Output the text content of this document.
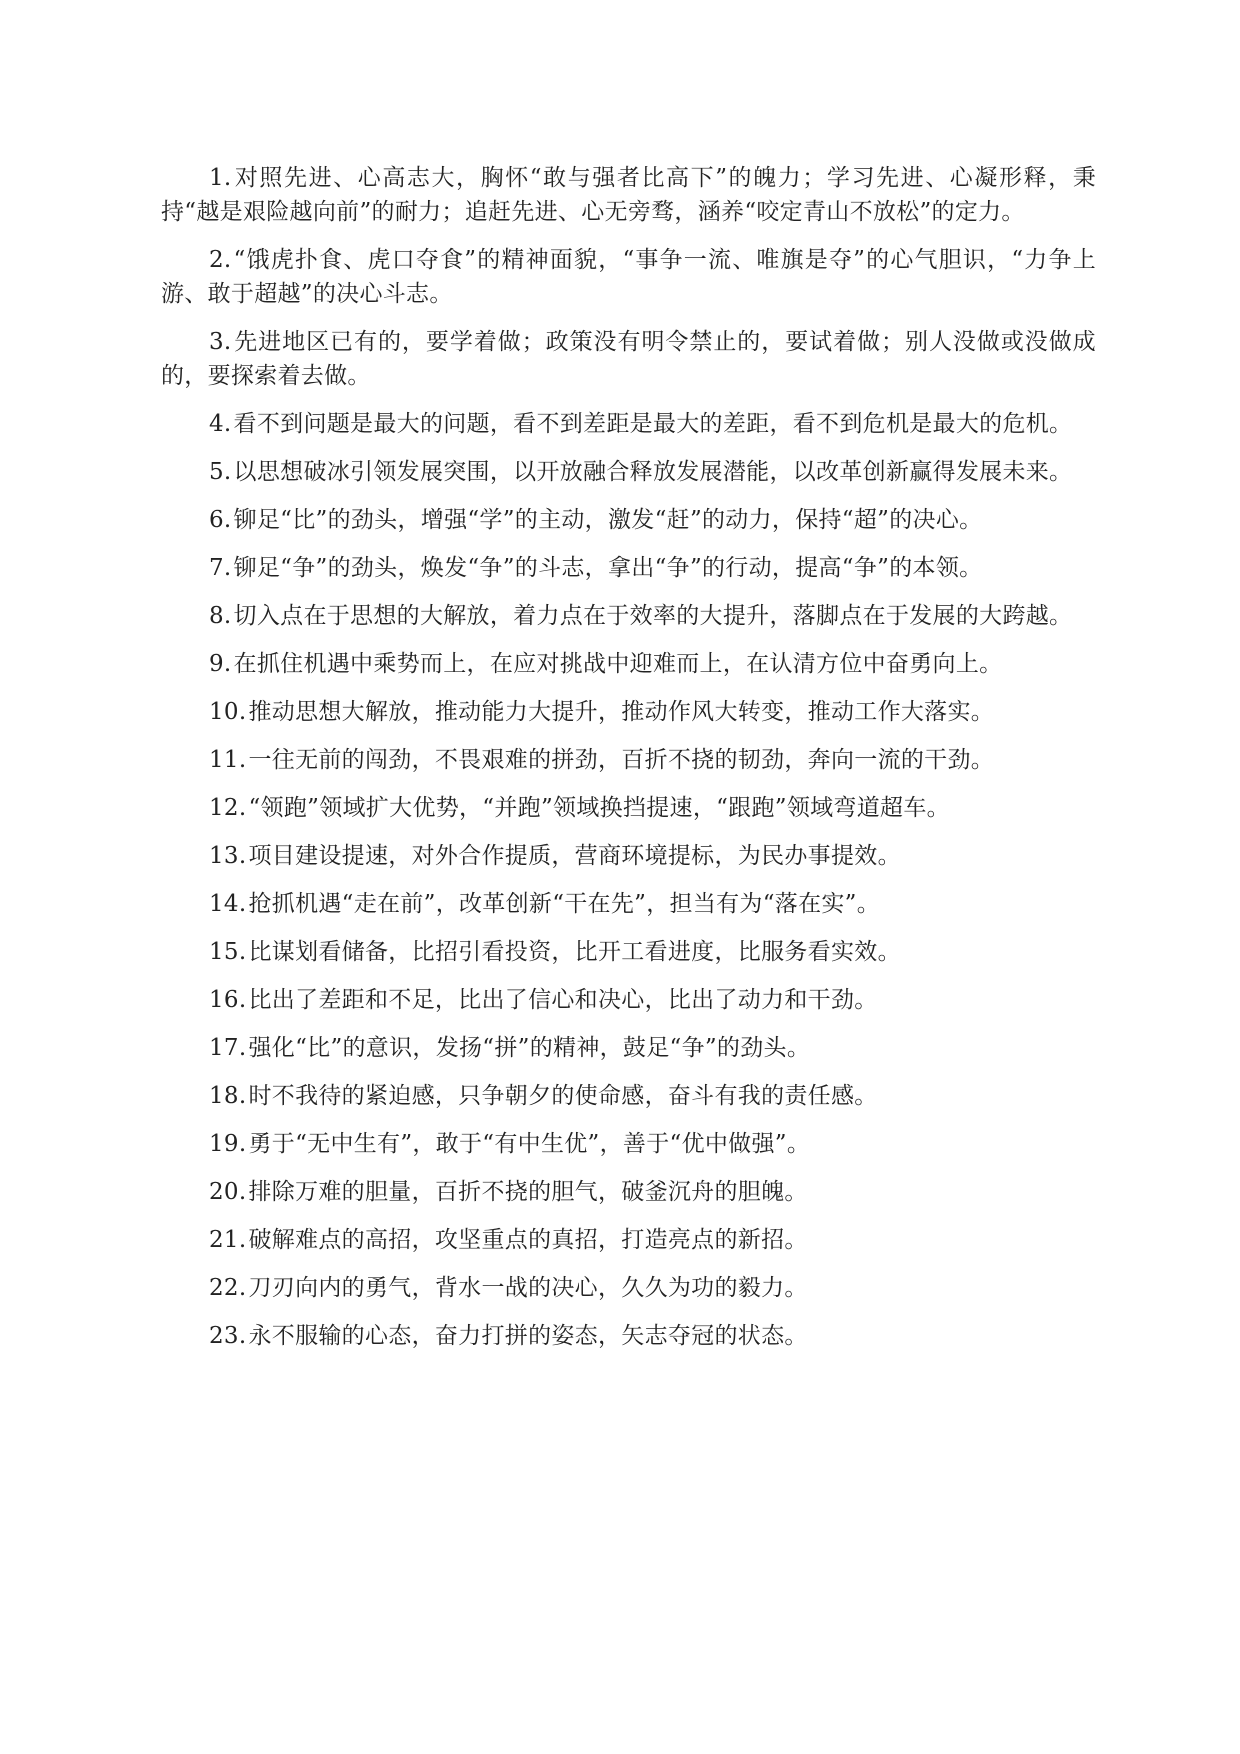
1.对照先进、心高志大，胸怀“敢与强者比高下”的魄力；学习先进、心凝形释，秉持“越是艰险越向前”的耐力；追赶先进、心无旁骛，涵养“咬定青山不放松”的定力。

2.“饿虎扑食、虎口夺食”的精神面貌，“事争一流、唯旗是夺”的心气胆识，“力争上游、敢于超越”的决心斗志。

3.先进地区已有的，要学着做；政策没有明令禁止的，要试着做；别人没做或没做成的，要探索着去做。

4.看不到问题是最大的问题，看不到差距是最大的差距，看不到危机是最大的危机。

5.以思想破冰引领发展突围，以开放融合释放发展潜能，以改革创新赢得发展未来。

6.铆足“比”的劲头，增强“学”的主动，激发“赶”的动力，保持“超”的决心。

7.铆足“争”的劲头，焕发“争”的斗志，拿出“争”的行动，提高“争”的本领。

8.切入点在于思想的大解放，着力点在于效率的大提升，落脚点在于发展的大跨越。

9.在抓住机遇中乘势而上，在应对挑战中迎难而上，在认清方位中奋勇向上。

10.推动思想大解放，推动能力大提升，推动作风大转变，推动工作大落实。

11.一往无前的闯劲，不畏艰难的拼劲，百折不挠的韧劲，奔向一流的干劲。

12.“领跑”领域扩大优势，“并跑”领域换挡提速，“跟跑”领域弯道超车。

13.项目建设提速，对外合作提质，营商环境提标，为民办事提效。

14.抢抓机遇“走在前”，改革创新“干在先”，担当有为“落在实”。

15.比谋划看储备，比招引看投资，比开工看进度，比服务看实效。

16.比出了差距和不足，比出了信心和决心，比出了动力和干劲。

17.强化“比”的意识，发扬“拼”的精神，鼓足“争”的劲头。

18.时不我待的紧迫感，只争朝夕的使命感，奋斗有我的责任感。

19.勇于“无中生有”，敢于“有中生优”，善于“优中做强”。

20.排除万难的胆量，百折不挠的胆气，破釜沉舟的胆魄。

21.破解难点的高招，攻坚重点的真招，打造亮点的新招。

22.刀刃向内的勇气，背水一战的决心，久久为功的毅力。

23.永不服输的心态，奋力打拼的姿态，矢志夺冠的状态。
